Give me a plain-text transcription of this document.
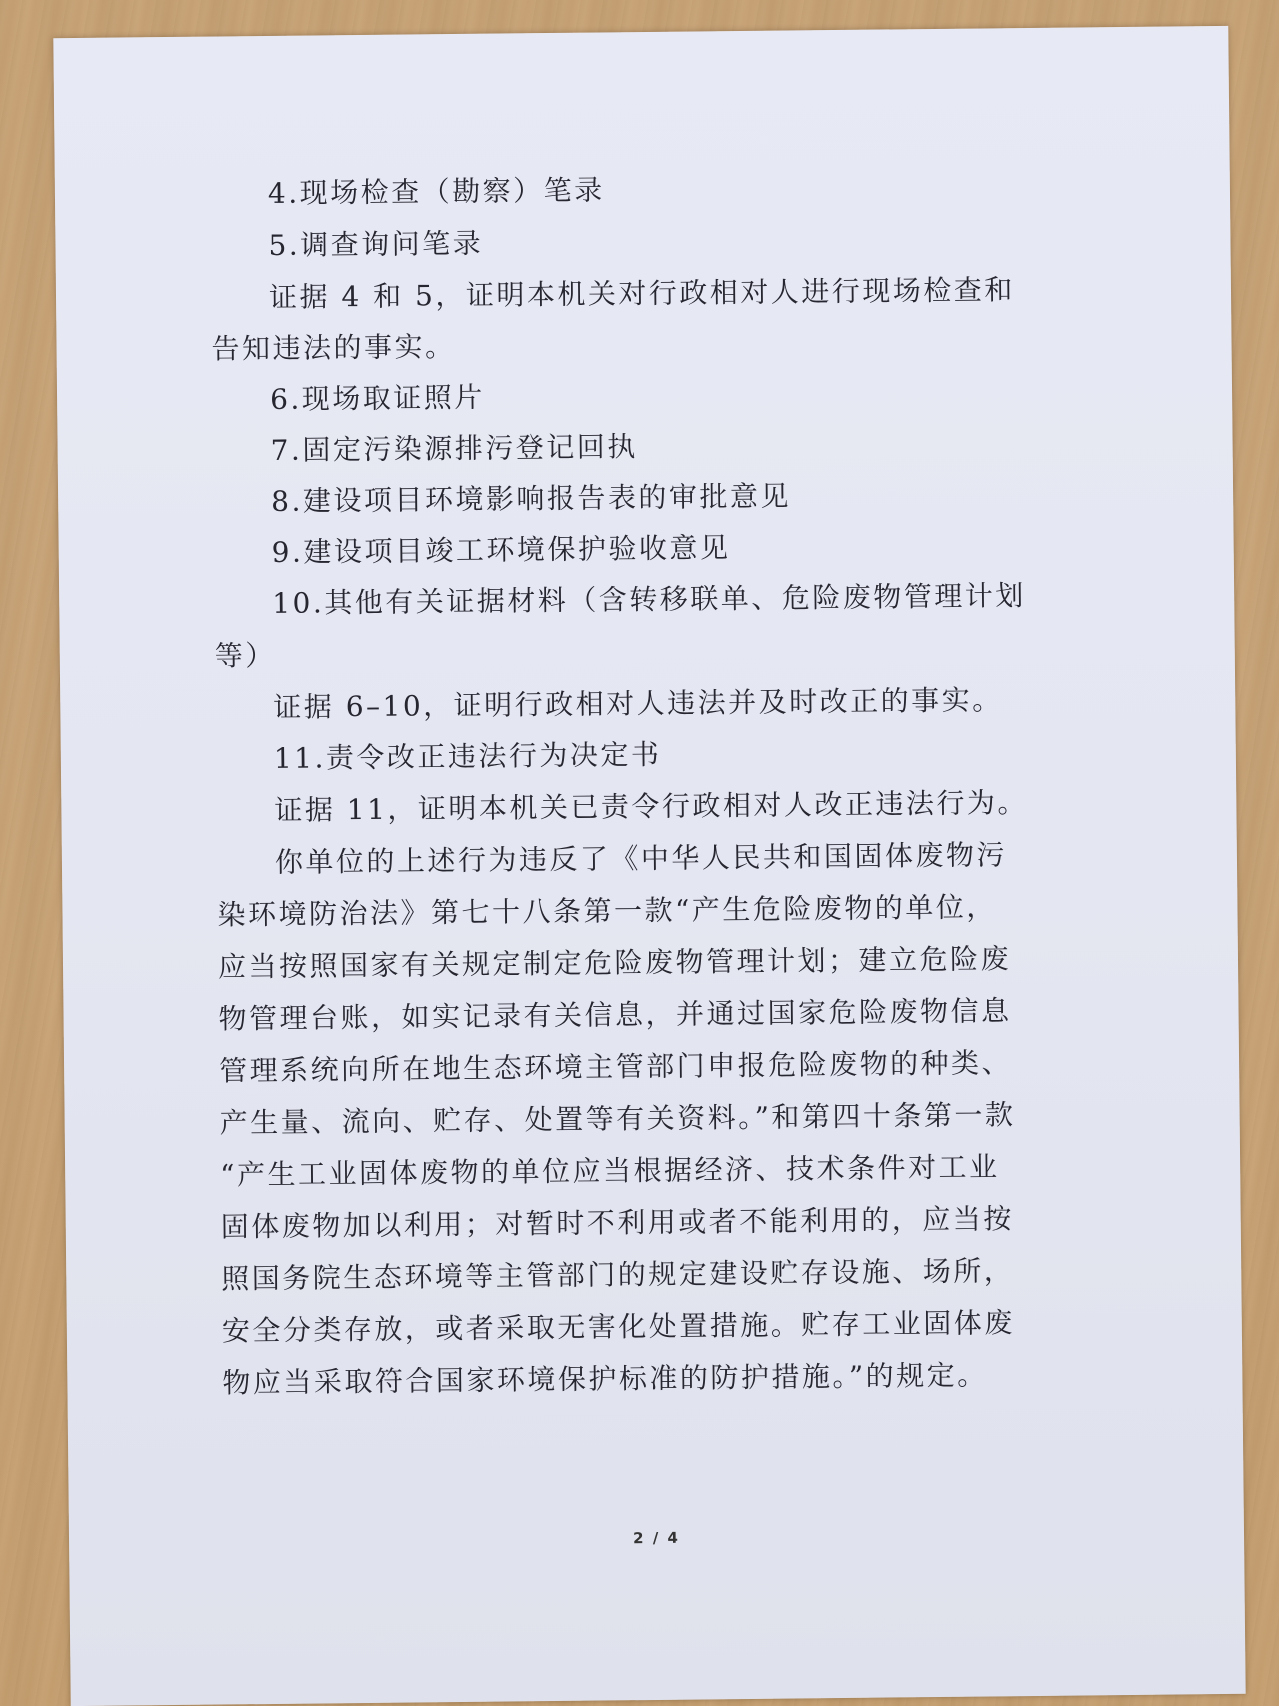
4.现场检查（勘察）笔录
5.调查询问笔录
证据 4 和 5，证明本机关对行政相对人进行现场检查和
告知违法的事实。
6.现场取证照片
7.固定污染源排污登记回执
8.建设项目环境影响报告表的审批意见
9.建设项目竣工环境保护验收意见
10.其他有关证据材料（含转移联单、危险废物管理计划
等）
证据 6–10，证明行政相对人违法并及时改正的事实。
11.责令改正违法行为决定书
证据 11，证明本机关已责令行政相对人改正违法行为。
你单位的上述行为违反了《中华人民共和国固体废物污
染环境防治法》第七十八条第一款“产生危险废物的单位，
应当按照国家有关规定制定危险废物管理计划；建立危险废
物管理台账，如实记录有关信息，并通过国家危险废物信息
管理系统向所在地生态环境主管部门申报危险废物的种类、
产生量、流向、贮存、处置等有关资料。”和第四十条第一款
“产生工业固体废物的单位应当根据经济、技术条件对工业
固体废物加以利用；对暂时不利用或者不能利用的，应当按
照国务院生态环境等主管部门的规定建设贮存设施、场所，
安全分类存放，或者采取无害化处置措施。贮存工业固体废
物应当采取符合国家环境保护标准的防护措施。”的规定。
2 / 4
